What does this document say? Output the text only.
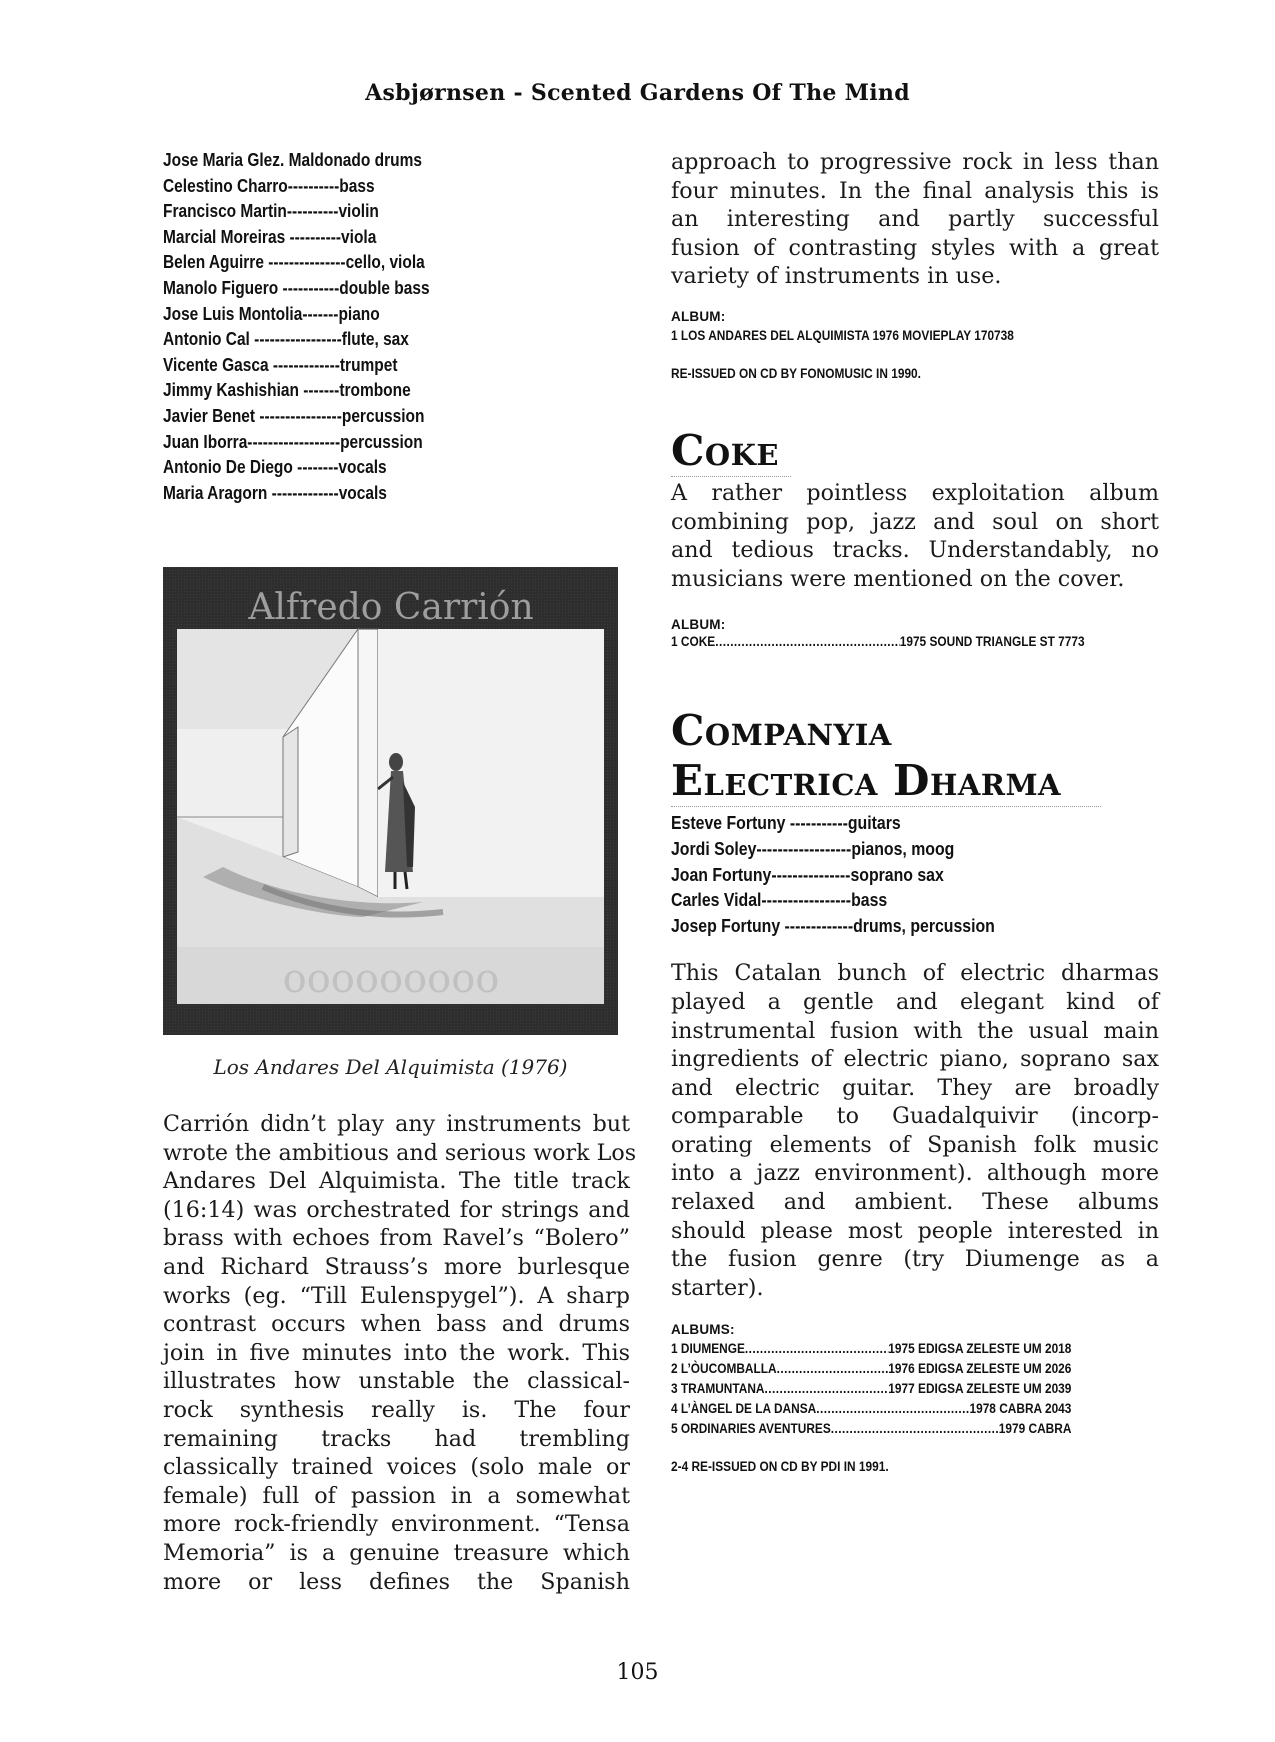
Asbjørnsen - Scented Gardens Of The Mind
Jose Maria Glez. Maldonado drums
Celestino Charro----------bass
Francisco Martin----------violin
Marcial Moreiras ----------viola
Belen Aguirre ---------------cello, viola
Manolo Figuero -----------double bass
Jose Luis Montolia-------piano
Antonio Cal -----------------flute, sax
Vicente Gasca -------------trumpet
Jimmy Kashishian -------trombone
Javier Benet ----------------percussion
Juan Iborra------------------percussion
Antonio De Diego --------vocals
Maria Aragorn -------------vocals
ooooooooo
Alfredo Carrión
Los Andares Del Alquimista (1976)
Carrión didn’t play any instruments but
wrote the ambitious and serious work Los
Andares Del Alquimista. The title track
(16:14) was orchestrated for strings and
brass with echoes from Ravel’s “Bolero”
and Richard Strauss’s more burlesque
works (eg. “Till Eulenspygel”). A sharp
contrast occurs when bass and drums
join in five minutes into the work. This
illustrates how unstable the classical-
rock synthesis really is. The four
remaining tracks had trembling
classically trained voices (solo male or
female) full of passion in a somewhat
more rock-friendly environment. “Tensa
Memoria” is a genuine treasure which
more or less defines the Spanish
approach to progressive rock in less than
four minutes. In the final analysis this is
an interesting and partly successful
fusion of contrasting styles with a great
variety of instruments in use.
ALBUM:
1 LOS ANDARES DEL ALQUIMISTA 1976 MOVIEPLAY 170738
RE-ISSUED ON CD BY FONOMUSIC IN 1990.
Coke
A rather pointless exploitation album
combining pop, jazz and soul on short
and tedious tracks. Understandably, no
musicians were mentioned on the cover.
ALBUM:
1 COKE .....	1975 SOUND TRIANGLE ST 7773
Companyia
Electrica Dharma
Esteve Fortuny -----------guitars
Jordi Soley------------------pianos, moog
Joan Fortuny---------------soprano sax
Carles Vidal-----------------bass
Josep Fortuny -------------drums, percussion
This Catalan bunch of electric dharmas
played a gentle and elegant kind of
instrumental fusion with the usual main
ingredients of electric piano, soprano sax
and electric guitar. They are broadly
comparable to Guadalquivir (incorp-
orating elements of Spanish folk music
into a jazz environment). although more
relaxed and ambient. These albums
should please most people interested in
the fusion genre (try Diumenge as a
starter).
ALBUMS:
1 DIUMENGE .....	1975 EDIGSA ZELESTE UM 2018
2 L’ÒUCOMBALLA .....	1976 EDIGSA ZELESTE UM 2026
3 TRAMUNTANA .....	1977 EDIGSA ZELESTE UM 2039
4 L’ÀNGEL DE LA DANSA .....	1978 CABRA 2043
5 ORDINARIES AVENTURES .....	1979 CABRA
2-4 RE-ISSUED ON CD BY PDI IN 1991.
105
